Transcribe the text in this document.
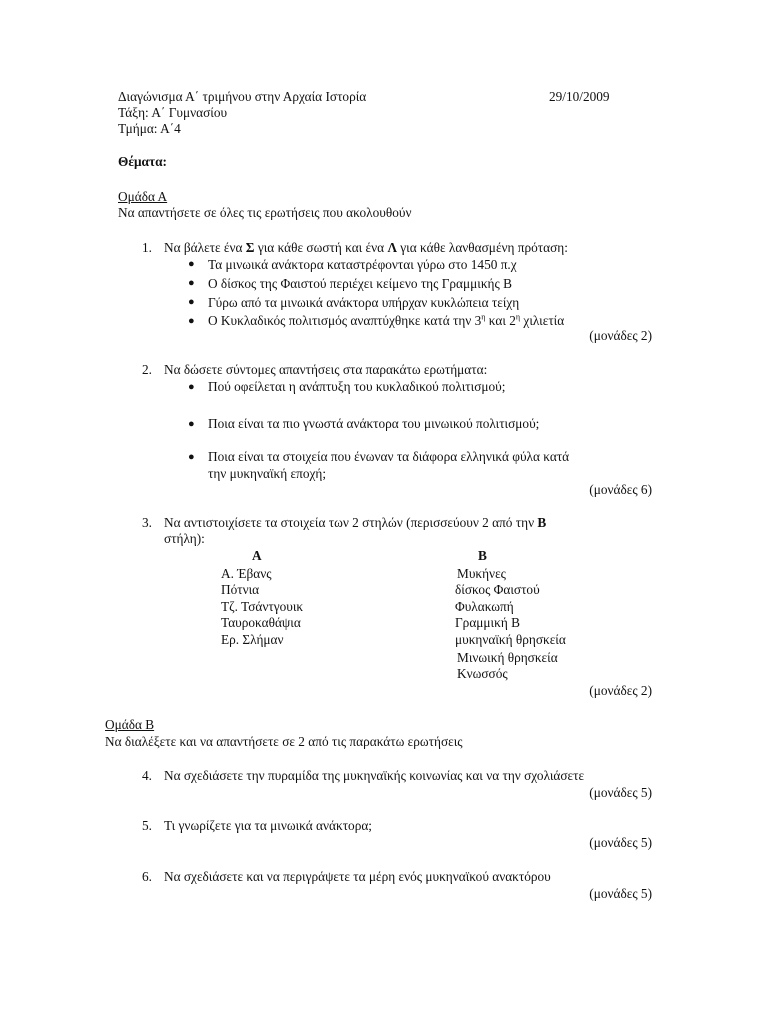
Διαγώνισμα Α΄ τριμήνου στην Αρχαία Ιστορία	29/10/2009
Τάξη: Α΄ Γυμνασίου
Τμήμα: Α΄4
Θέματα:
Ομάδα Α
Να απαντήσετε σε όλες τις ερωτήσεις που ακολουθούν
1. Να βάλετε ένα Σ για κάθε σωστή και ένα Λ για κάθε λανθασμένη πρόταση:
● Τα μινωικά ανάκτορα καταστρέφονται γύρω στο 1450 π.χ
● Ο δίσκος της Φαιστού περιέχει κείμενο της Γραμμικής Β
● Γύρω από τα μινωικά ανάκτορα υπήρχαν κυκλώπεια τείχη
● Ο Κυκλαδικός πολιτισμός αναπτύχθηκε κατά την $3^\eta$ και $2^\eta$ χιλιετία
(μονάδες 2)
2. Να δώσετε σύντομες απαντήσεις στα παρακάτω ερωτήματα:
● Πού οφείλεται η ανάπτυξη του κυκλαδικού πολιτισμού;
● Ποια είναι τα πιο γνωστά ανάκτορα του μινωικού πολιτισμού;
● Ποια είναι τα στοιχεία που ένωναν τα διάφορα ελληνικά φύλα κατά
την μυκηναϊκή εποχή;
(μονάδες 6)
3. Να αντιστοιχίσετε τα στοιχεία των 2 στηλών (περισσεύουν 2 από την Β
στήλη):
Α	Β
Α. Έβανς
Πότνια
Τζ. Τσάντγουικ
Ταυροκαθάψια
Ερ. Σλήμαν
Μυκήνες
δίσκος Φαιστού
Φυλακωπή
Γραμμική Β
μυκηναϊκή θρησκεία
Μινωική θρησκεία
Κνωσσός
(μονάδες 2)
Ομάδα Β
Να διαλέξετε και να απαντήσετε σε 2 από τις παρακάτω ερωτήσεις
4. Να σχεδιάσετε την πυραμίδα της μυκηναϊκής κοινωνίας και να την σχολιάσετε
(μονάδες 5)
5. Τι γνωρίζετε για τα μινωικά ανάκτορα;
(μονάδες 5)
6. Να σχεδιάσετε και να περιγράψετε τα μέρη ενός μυκηναϊκού ανακτόρου
(μονάδες 5)
